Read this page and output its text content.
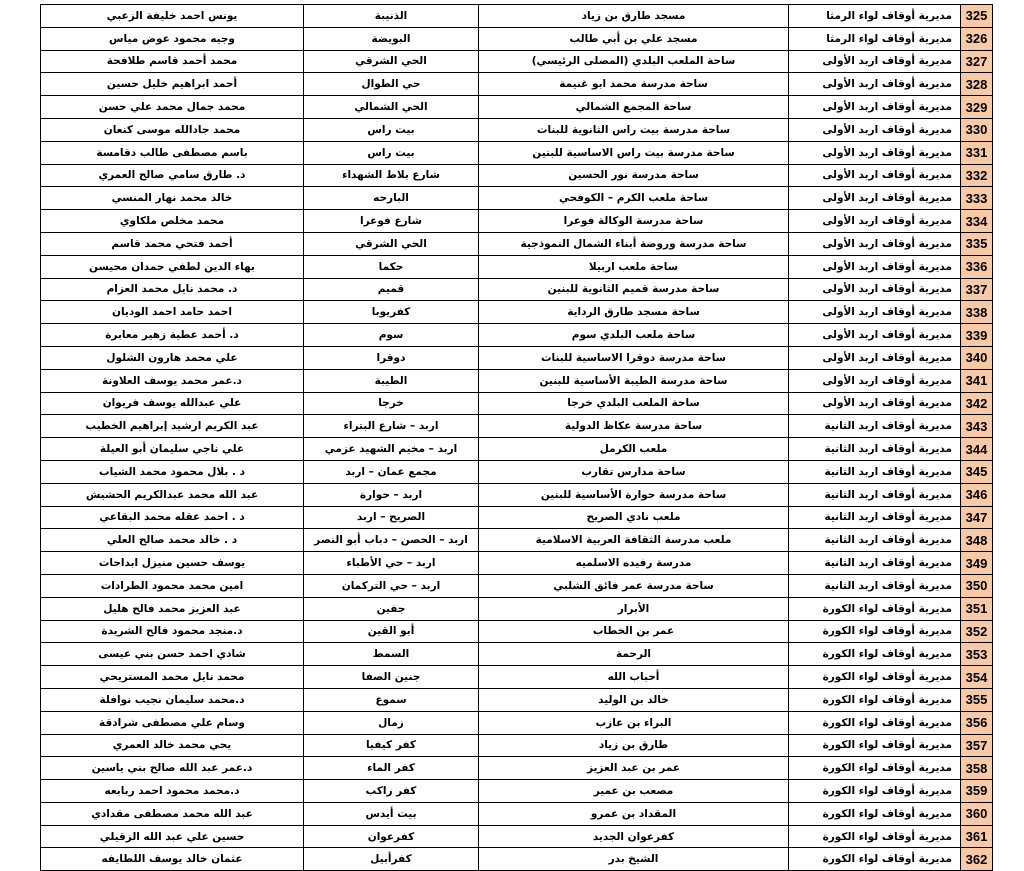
325	مديرية أوقاف لواء الرمثا	مسجد طارق بن زياد	الذنيبة	يونس احمد خليفة الزعبي
326	مديرية أوقاف لواء الرمثا	مسجد علي بن أبي طالب	البويضة	وجيه محمود عوض مياس
327	مديرية أوقاف اربد الأولى	ساحة الملعب البلدي (المصلى الرئيسي)	الحي الشرقي	محمد أحمد قاسم طلافحة
328	مديرية أوقاف اربد الأولى	ساحة مدرسة محمد ابو غنيمة	حي الطوال	أحمد ابراهيم خليل حسين
329	مديرية أوقاف اربد الأولى	ساحة المجمع الشمالي	الحي الشمالي	محمد جمال محمد علي حسن
330	مديرية أوقاف اربد الأولى	ساحة مدرسة بيت راس الثانوية للبنات	بيت راس	محمد جادالله موسى كنعان
331	مديرية أوقاف اربد الأولى	ساحة مدرسة بيت راس الاساسية للبنين	بيت راس	باسم مصطفى طالب دقامسة
332	مديرية أوقاف اربد الأولى	ساحة مدرسة نور الحسين	شارع بلاط الشهداء	د. طارق سامي صالح العمري
333	مديرية أوقاف اربد الأولى	ساحة ملعب الكرم – الكوفحي	البارحه	خالد محمد نهار المنسي
334	مديرية أوقاف اربد الأولى	ساحة مدرسة الوكالة فوعرا	شارع فوعرا	محمد مخلص ملكاوي
335	مديرية أوقاف اربد الأولى	ساحة مدرسة وروضة أبناء الشمال النموذجية	الحي الشرقي	أحمد فتحي محمد قاسم
336	مديرية أوقاف اربد الأولى	ساحة ملعب اربيلا	حكما	بهاء الدين لطفي حمدان محيسن
337	مديرية أوقاف اربد الأولى	ساحة مدرسة قميم الثانوية للبنين	قميم	د. محمد نايل محمد العزام
338	مديرية أوقاف اربد الأولى	ساحة مسجد طارق الرداية	كفريوبا	احمد حامد احمد الوديان
339	مديرية أوقاف اربد الأولى	ساحة ملعب البلدي سوم	سوم	د. أحمد عطية زهير معابرة
340	مديرية أوقاف اربد الأولى	ساحة مدرسة دوقرا الاساسية للبنات	دوقرا	علي محمد هارون الشلول
341	مديرية أوقاف اربد الأولى	ساحة مدرسة الطيبة الأساسية للبنين	الطيبة	د.عمر محمد يوسف العلاونة
342	مديرية أوقاف اربد الأولى	ساحة الملعب البلدي خرجا	خرجا	علي عبدالله يوسف فريوان
343	مديرية أوقاف اربد الثانية	ساحة مدرسة عكاظ الدولية	اربد – شارع البتراء	عبد الكريم ارشيد إبراهيم الخطيب
344	مديرية أوقاف اربد الثانية	ملعب الكرمل	اربد – مخيم الشهيد عزمي	علي ناجي سليمان أبو العيلة
345	مديرية أوقاف اربد الثانية	ساحة مدارس تقارب	مجمع عمان – اربد	د . بلال محمود محمد الشياب
346	مديرية أوقاف اربد الثانية	ساحة مدرسة حوارة الأساسية للبنين	اربد – حوارة	عبد الله محمد عبدالكريم الحشيش
347	مديرية أوقاف اربد الثانية	ملعب نادي الصريح	الصريح – اربد	د . احمد عقله محمد البقاعي
348	مديرية أوقاف اربد الثانية	ملعب مدرسة الثقافة العربية الاسلامية	اربد – الحصن – دباب أبو النصر	د . خالد محمد صالح العلي
349	مديرية أوقاف اربد الثانية	مدرسة رفيده الاسلميه	اربد – حي الأطباء	يوسف حسين منيزل ابداحات
350	مديرية أوقاف اربد الثانية	ساحة مدرسة عمر فائق الشلبي	اربد – حي التركمان	امين محمد محمود الطرادات
351	مديرية أوقاف لواء الكورة	الأبرار	جفين	عبد العزيز محمد فالح هليل
352	مديرية أوقاف لواء الكورة	عمر بن الخطاب	أبو القين	د.منجد محمود فالح الشريدة
353	مديرية أوقاف لواء الكورة	الرحمة	السمط	شادي احمد حسن بني عيسى
354	مديرية أوقاف لواء الكورة	أحباب الله	جنين الصفا	محمد نايل محمد المستريحي
355	مديرية أوقاف لواء الكورة	خالد بن الوليد	سموع	د.محمد سليمان نجيب نوافلة
356	مديرية أوقاف لواء الكورة	البراء بن عازب	زمال	وسام علي مصطفى شرادقة
357	مديرية أوقاف لواء الكورة	طارق بن زياد	كفر كيفيا	يحي محمد خالد العمري
358	مديرية أوقاف لواء الكورة	عمر بن عبد العزيز	كفر الماء	د.عمر عبد الله صالح بني ياسين
359	مديرية أوقاف لواء الكورة	مصعب بن عمير	كفر راكب	د.محمد محمود احمد ربابعه
360	مديرية أوقاف لواء الكورة	المقداد بن عمرو	بيت أيدس	عبد الله محمد مصطفى مقدادي
361	مديرية أوقاف لواء الكورة	كفرعوان الجديد	كفرعوان	حسين علي عبد الله الزقيلي
362	مديرية أوقاف لواء الكورة	الشيخ بدر	كفرأبيل	عثمان خالد يوسف اللطايفه
